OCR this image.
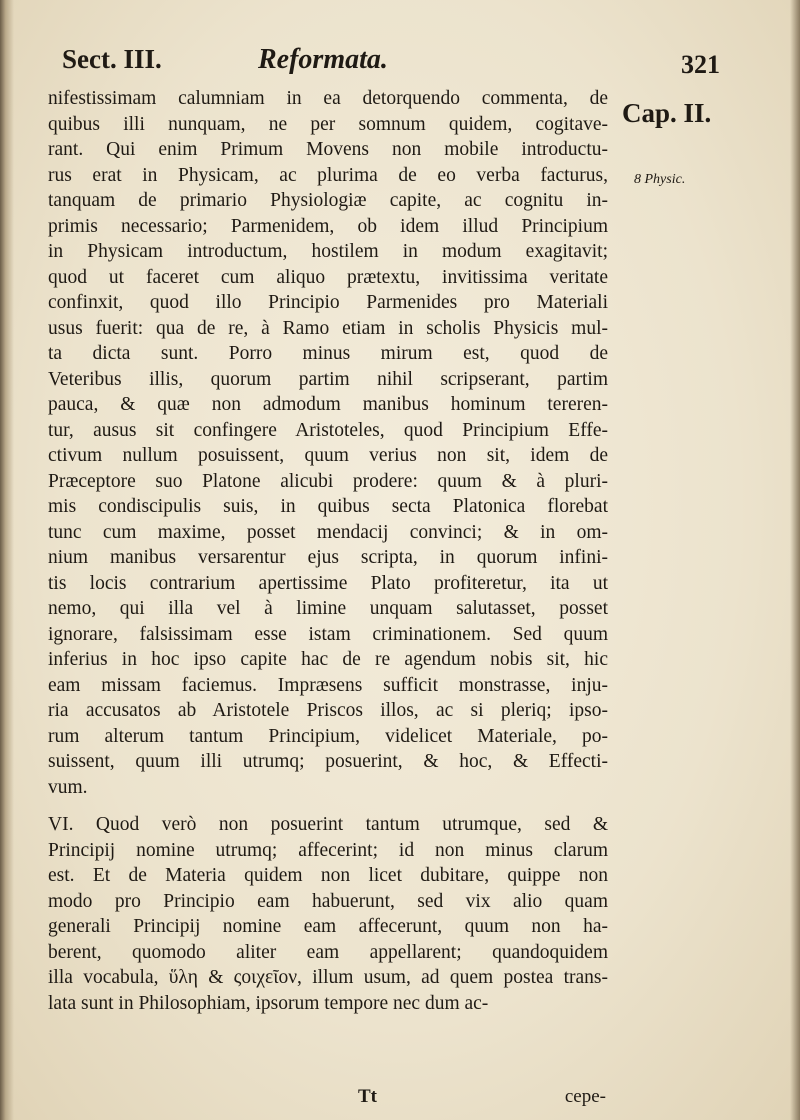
Sect. III.	Reformata.	321
Cap. II.
8 Physic.
nifestissimam calumniam in ea detorquendo commenta, de
quibus illi nunquam, ne per somnum quidem, cogitave-
rant. Qui enim Primum Movens non mobile introductu-
rus erat in Physicam, ac plurima de eo verba facturus,
tanquam de primario Physiologiæ capite, ac cognitu in-
primis necessario; Parmenidem, ob idem illud Principium
in Physicam introductum, hostilem in modum exagitavit;
quod ut faceret cum aliquo prætextu, invitissima veritate
confinxit, quod illo Principio Parmenides pro Materiali
usus fuerit: qua de re, à Ramo etiam in scholis Physicis mul-
ta dicta sunt. Porro minus mirum est, quod de
Veteribus illis, quorum partim nihil scripserant, partim
pauca, & quæ non admodum manibus hominum tereren-
tur, ausus sit confingere Aristoteles, quod Principium Effe-
ctivum nullum posuissent, quum verius non sit, idem de
Præceptore suo Platone alicubi prodere: quum & à pluri-
mis condiscipulis suis, in quibus secta Platonica florebat
tunc cum maxime, posset mendacij convinci; & in om-
nium manibus versarentur ejus scripta, in quorum infini-
tis locis contrarium apertissime Plato profiteretur, ita ut
nemo, qui illa vel à limine unquam salutasset, posset
ignorare, falsissimam esse istam criminationem. Sed quum
inferius in hoc ipso capite hac de re agendum nobis sit, hic
eam missam faciemus. Impræsens sufficit monstrasse, inju-
ria accusatos ab Aristotele Priscos illos, ac si pleriq; ipso-
rum alterum tantum Principium, videlicet Materiale, po-
suissent, quum illi utrumq; posuerint, & hoc, & Effecti-
vum.
VI. Quod verò non posuerint tantum utrumque, sed &
Principij nomine utrumq; affecerint; id non minus clarum
est. Et de Materia quidem non licet dubitare, quippe non
modo pro Principio eam habuerunt, sed vix alio quam
generali Principij nomine eam affecerunt, quum non ha-
berent, quomodo aliter eam appellarent; quandoquidem
illa vocabula, ὕλη & ςοιχεῖον, illum usum, ad quem postea trans-
lata sunt in Philosophiam, ipsorum tempore nec dum ac-
Tt	cepe-
